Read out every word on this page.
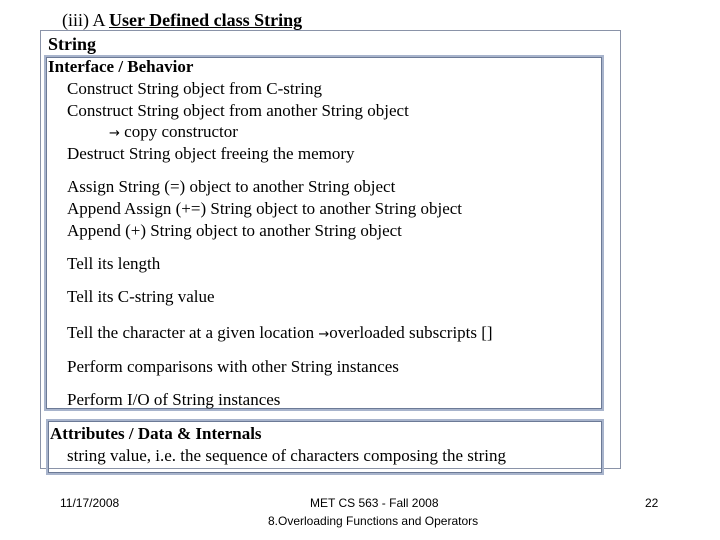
(iii) A User Defined class String
String
Interface / Behavior
Construct String object from C-string
Construct String object from another String object
→ copy constructor
Destruct String object freeing the memory
Assign String (=) object to another String object
Append Assign (+=) String object to another String object
Append (+) String object to another String object
Tell its length
Tell its C-string value
Tell the character at a given location →overloaded subscripts []
Perform comparisons with other String instances
Perform I/O of String instances
Attributes / Data & Internals
string value, i.e. the sequence of characters composing the string
11/17/2008	MET CS 563 - Fall 2008
8.Overloading Functions and Operators
22
